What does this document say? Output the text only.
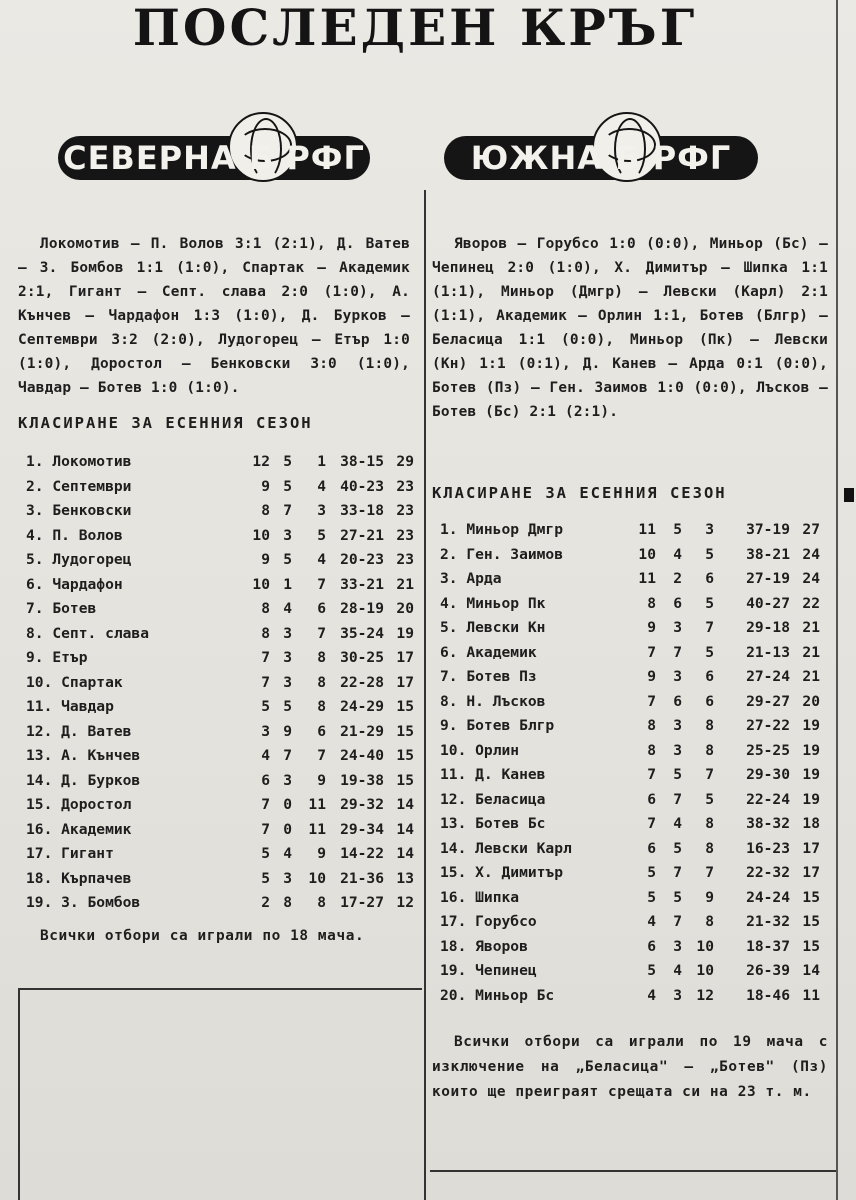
ПОСЛЕДЕН КРЪГ
СЕВЕРНА Б РФГ	ЮЖНА Б РФГ

Локомотив — П. Волов 3:1 (2:1), Д. Ватев — З. Бомбов 1:1 (1:0), Спартак — Академик 2:1, Гигант — Септ. слава 2:0 (1:0), А. Кънчев — Чардафон 1:3 (1:0), Д. Бурков — Септември 3:2 (2:0), Лудогорец — Етър 1:0 (1:0), Доростол — Бенковски 3:0 (1:0), Чавдар — Ботев 1:0 (1:0).

Яворов — Горубсо 1:0 (0:0), Миньор (Бс) — Чепинец 2:0 (1:0), Х. Димитър — Шипка 1:1 (1:1), Миньор (Дмгр) — Левски (Карл) 2:1 (1:1), Академик — Орлин 1:1, Ботев (Блгр) — Беласица 1:1 (0:0), Миньор (Пк) — Левски (Кн) 1:1 (0:1), Д. Канев — Арда 0:1 (0:0), Ботев (Пз) — Ген. Заимов 1:0 (0:0), Лъсков — Ботев (Бс) 2:1 (2:1).

КЛАСИРАНЕ ЗА ЕСЕННИЯ СЕЗОН
КЛАСИРАНЕ ЗА ЕСЕННИЯ СЕЗОН
1. Локомотив	12 5	1 38-15 29
2. Септември	9 5	4 40-23 23
3. Бенковски	8 7	3 33-18 23
4. П. Волов	10 3	5 27-21 23
5. Лудогорец	9 5	4 20-23 23
6. Чардафон	10 1	7 33-21 21
7. Ботев	8 4	6 28-19 20
8. Септ. слава	8 3	7 35-24 19
9. Етър	7 3	8 30-25 17
10. Спартак	7 3	8 22-28 17
11. Чавдар	5 5	8 24-29 15
12. Д. Ватев	3 9	6 21-29 15
13. А. Кънчев	4 7	7 24-40 15
14. Д. Бурков	6 3	9 19-38 15
15. Доростол	7 0	11 29-32 14
16. Академик	7 0	11 29-34 14
17. Гигант	5 4	9 14-22 14
18. Кърпачев	5 3	10 21-36 13
19. З. Бомбов	2 8	8 17-27 12
1. Миньор Дмгр	11	5	3	37-19 27
2. Ген. Заимов	10	4	5	38-21 24
3. Арда	11	2	6	27-19 24
4. Миньор Пк	8	6	5	40-27 22
5. Левски Кн	9	3	7	29-18 21
6. Академик	7	7	5	21-13 21
7. Ботев Пз	9	3	6	27-24 21
8. Н. Лъсков	7	6	6	29-27 20
9. Ботев Блгр	8	3	8	27-22 19
10. Орлин	8	3	8	25-25 19
11. Д. Канев	7	5	7	29-30 19
12. Беласица	6	7	5	22-24 19
13. Ботев Бс	7	4	8	38-32 18
14. Левски Карл	6	5	8	16-23 17
15. Х. Димитър	5	7	7	22-32 17
16. Шипка	5	5	9	24-24 15
17. Горубсо	4	7	8	21-32 15
18. Яворов	6	3 10	18-37 15
19. Чепинец	5	4 10	26-39 14
20. Миньор Бс	4	3 12	18-46 11

Всички отбори са играли по 18 мача.

Всички отбори са играли по 19 мача с изключение на „Беласица" — „Ботев" (Пз) които ще преиграят срещата си на 23 т. м.
